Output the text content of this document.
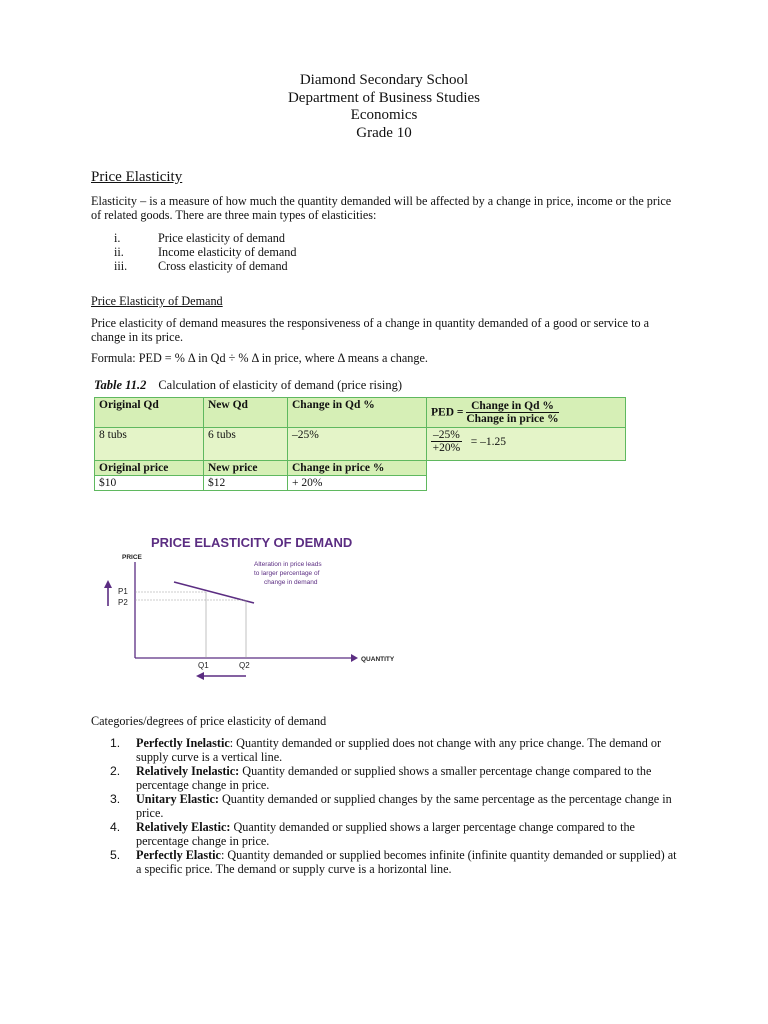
Diamond Secondary School
Department of Business Studies
Economics
Grade 10
Price Elasticity
Elasticity – is a measure of how much the quantity demanded will be affected by a change in price, income or the price of related goods. There are three main types of elasticities:
i.	Price elasticity of demand
ii.	Income elasticity of demand
iii.	Cross elasticity of demand
Price Elasticity of Demand
Price elasticity of demand measures the responsiveness of a change in quantity demanded of a good or service to a change in its price.
Formula: PED = % Δ in Qd ÷ % Δ in price, where Δ means a change.
Table 11.2 Calculation of elasticity of demand (price rising)
Original Qd	New Qd	Change in Qd %	PED = $\frac{\text{Change in Qd \%}}{\text{Change in price \%}}$

8 tubs	6 tubs	–25%	$\frac{-25\%}{+20\%} = -1.25$
Original price	New price	Change in price %	
$10	$12	+ 20%	
PRICE ELASTICITY OF DEMAND
PRICE
QUANTITY
P1
P2
Q1	Q2
Alteration in price leads
to larger percentage of
change in demand
Categories/degrees of price elasticity of demand
1.	Perfectly Inelastic: Quantity demanded or supplied does not change with any price change. The demand or supply curve is a vertical line.
2.	Relatively Inelastic: Quantity demanded or supplied shows a smaller percentage change compared to the percentage change in price.
3.	Unitary Elastic: Quantity demanded or supplied changes by the same percentage as the percentage change in price.
4.	Relatively Elastic: Quantity demanded or supplied shows a larger percentage change compared to the percentage change in price.
5.	Perfectly Elastic: Quantity demanded or supplied becomes infinite (infinite quantity demanded or supplied) at a specific price. The demand or supply curve is a horizontal line.
